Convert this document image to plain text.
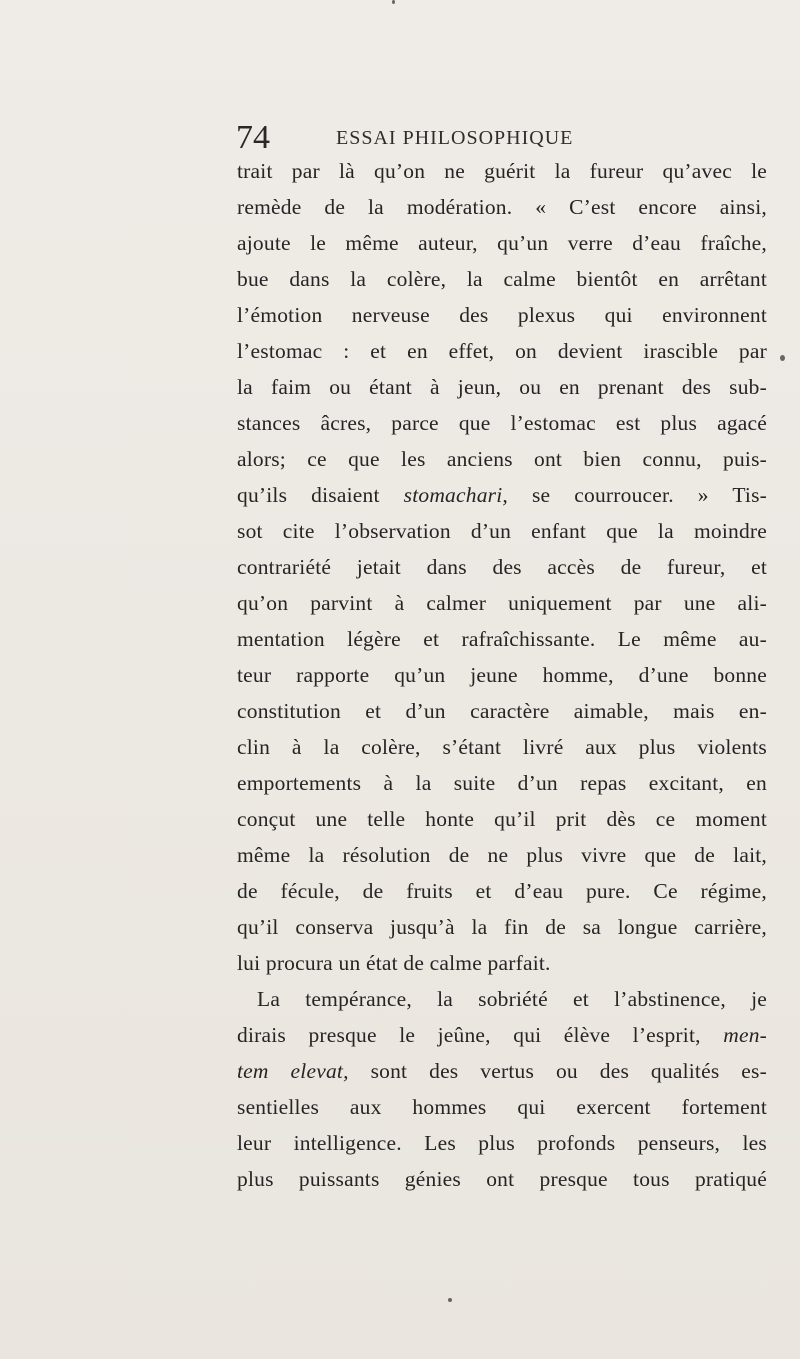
74	ESSAI PHILOSOPHIQUE
trait par là qu’on ne guérit la fureur qu’avec le
remède de la modération. « C’est encore ainsi,
ajoute le même auteur, qu’un verre d’eau fraîche,
bue dans la colère, la calme bientôt en arrêtant
l’émotion nerveuse des plexus qui environnent
l’estomac : et en effet, on devient irascible par
la faim ou étant à jeun, ou en prenant des sub-
stances âcres, parce que l’estomac est plus agacé
alors; ce que les anciens ont bien connu, puis-
qu’ils disaient stomachari, se courroucer. » Tis-
sot cite l’observation d’un enfant que la moindre
contrariété jetait dans des accès de fureur, et
qu’on parvint à calmer uniquement par une ali-
mentation légère et rafraîchissante. Le même au-
teur rapporte qu’un jeune homme, d’une bonne
constitution et d’un caractère aimable, mais en-
clin à la colère, s’étant livré aux plus violents
emportements à la suite d’un repas excitant, en
conçut une telle honte qu’il prit dès ce moment
même la résolution de ne plus vivre que de lait,
de fécule, de fruits et d’eau pure. Ce régime,
qu’il conserva jusqu’à la fin de sa longue carrière,
lui procura un état de calme parfait.
La tempérance, la sobriété et l’abstinence, je
dirais presque le jeûne, qui élève l’esprit, men-
tem elevat, sont des vertus ou des qualités es-
sentielles aux hommes qui exercent fortement
leur intelligence. Les plus profonds penseurs, les
plus puissants génies ont presque tous pratiqué
